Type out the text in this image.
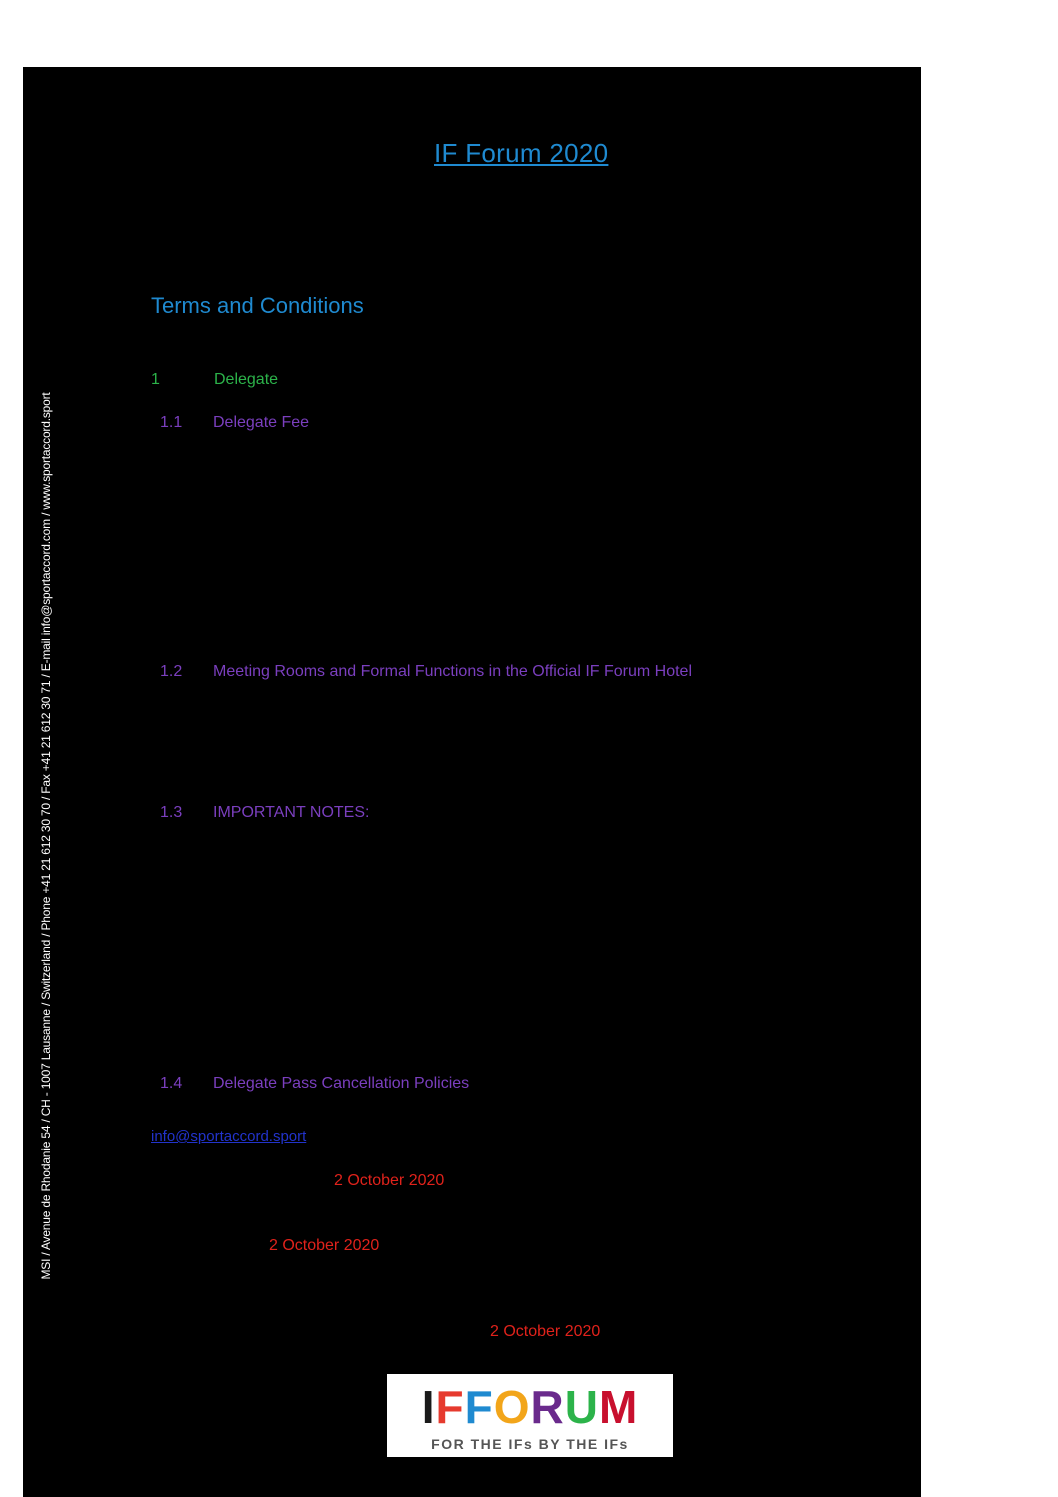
MSI / Avenue de Rhodanie 54 / CH - 1007 Lausanne / Switzerland / Phone +41 21 612 30 70 / Fax +41 21 612 30 71 / E-mail info@sportaccord.com / www.sportaccord.sport
IF Forum 2020
Terms and Conditions
1	Delegate
1.1 Delegate Fee
1.2 Meeting Rooms and Formal Functions in the Official IF Forum Hotel
1.3 IMPORTANT NOTES:
1.4 Delegate Pass Cancellation Policies
info@sportaccord.sport
2 October 2020
2 October 2020
2 October 2020
IFFORUM
FOR THE IFs BY THE IFs
